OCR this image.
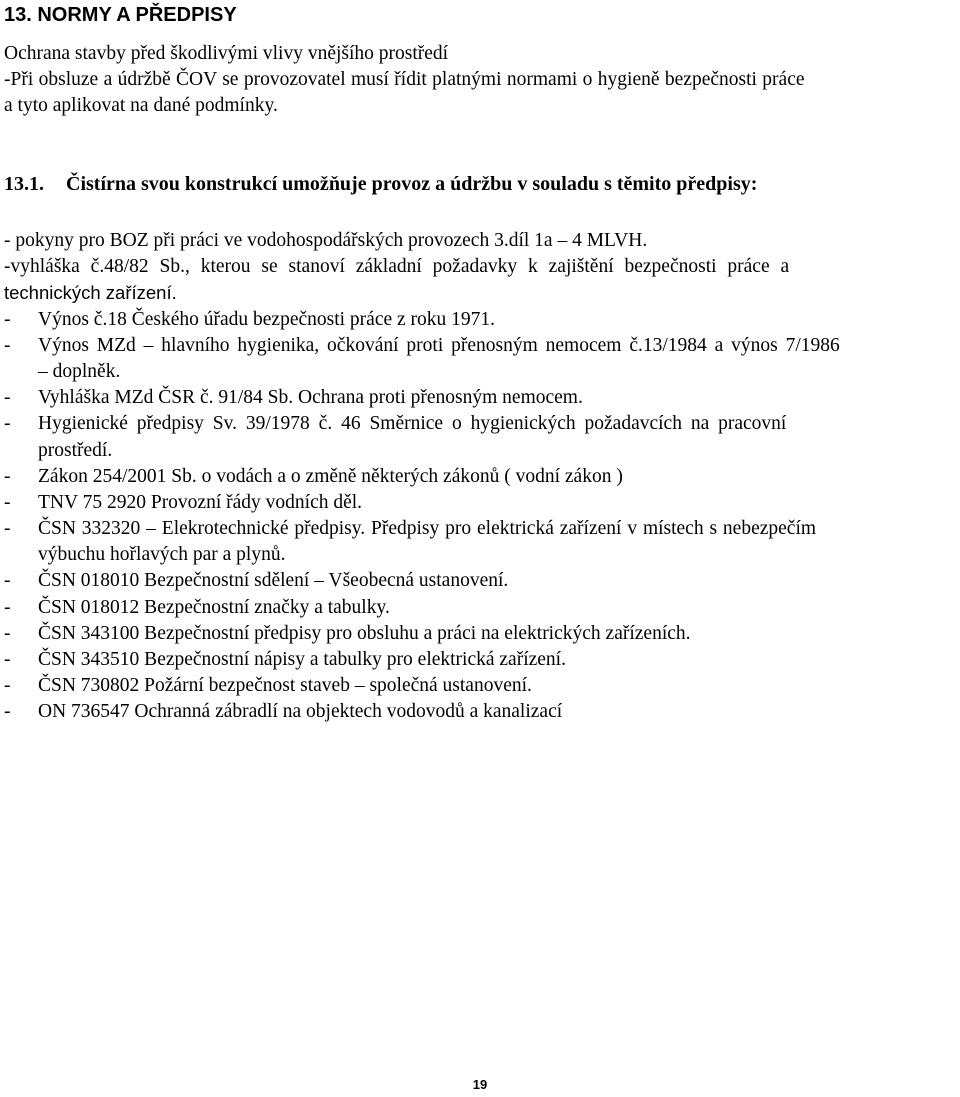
13. NORMY A PŘEDPISY
Ochrana stavby před škodlivými vlivy vnějšího prostředí
-Při obsluze a údržbě ČOV se provozovatel musí řídit platnými normami o hygieně bezpečnosti práce
a tyto aplikovat na dané podmínky.
13.1. Čistírna svou konstrukcí umožňuje provoz a údržbu v souladu s těmito předpisy:
- pokyny pro BOZ při práci ve vodohospodářských provozech 3.díl 1a – 4 MLVH.
-vyhláška č.48/82 Sb., kterou se stanoví základní požadavky k zajištění bezpečnosti práce a
technických zařízení.
- Výnos č.18 Českého úřadu bezpečnosti práce z roku 1971.
- Výnos MZd – hlavního hygienika, očkování proti přenosným nemocem č.13/1984 a výnos 7/1986
– doplněk.
- Vyhláška MZd ČSR č. 91/84 Sb. Ochrana proti přenosným nemocem.
- Hygienické předpisy Sv. 39/1978 č. 46 Směrnice o hygienických požadavcích na pracovní
prostředí.
- Zákon 254/2001 Sb. o vodách a o změně některých zákonů ( vodní zákon )
- TNV 75 2920 Provozní řády vodních děl.
- ČSN 332320 – Elekrotechnické předpisy. Předpisy pro elektrická zařízení v místech s nebezpečím
výbuchu hořlavých par a plynů.
- ČSN 018010 Bezpečnostní sdělení – Všeobecná ustanovení.
- ČSN 018012 Bezpečnostní značky a tabulky.
- ČSN 343100 Bezpečnostní předpisy pro obsluhu a práci na elektrických zařízeních.
- ČSN 343510 Bezpečnostní nápisy a tabulky pro elektrická zařízení.
- ČSN 730802 Požární bezpečnost staveb – společná ustanovení.
- ON 736547 Ochranná zábradlí na objektech vodovodů a kanalizací
19
